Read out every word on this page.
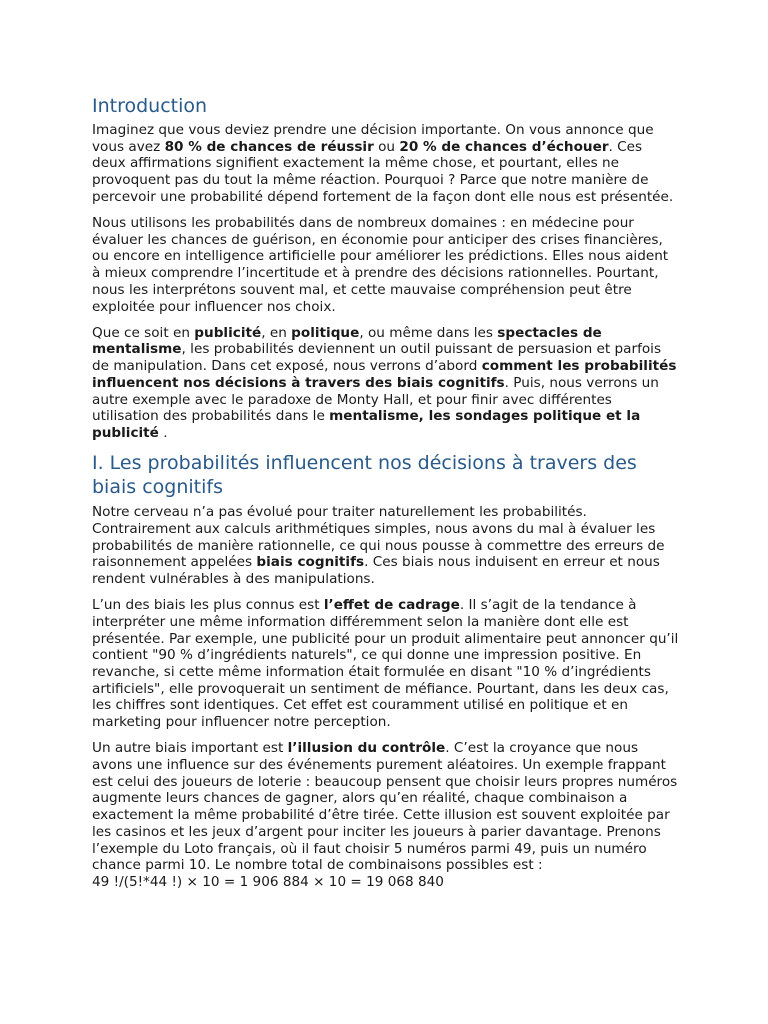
Introduction

Imaginez que vous deviez prendre une décision importante. On vous annonce que vous avez 80 % de chances de réussir ou 20 % de chances d’échouer. Ces deux affirmations signifient exactement la même chose, et pourtant, elles ne provoquent pas du tout la même réaction. Pourquoi ? Parce que notre manière de percevoir une probabilité dépend fortement de la façon dont elle nous est présentée.

Nous utilisons les probabilités dans de nombreux domaines : en médecine pour évaluer les chances de guérison, en économie pour anticiper des crises financières, ou encore en intelligence artificielle pour améliorer les prédictions. Elles nous aident à mieux comprendre l’incertitude et à prendre des décisions rationnelles. Pourtant, nous les interprétons souvent mal, et cette mauvaise compréhension peut être exploitée pour influencer nos choix.

Que ce soit en publicité, en politique, ou même dans les spectacles de mentalisme, les probabilités deviennent un outil puissant de persuasion et parfois de manipulation. Dans cet exposé, nous verrons d’abord comment les probabilités influencent nos décisions à travers des biais cognitifs. Puis, nous verrons un autre exemple avec le paradoxe de Monty Hall, et pour finir avec différentes utilisation des probabilités dans le mentalisme, les sondages politique et la publicité .

I. Les probabilités influencent nos décisions à travers des biais cognitifs

Notre cerveau n’a pas évolué pour traiter naturellement les probabilités. Contrairement aux calculs arithmétiques simples, nous avons du mal à évaluer les probabilités de manière rationnelle, ce qui nous pousse à commettre des erreurs de raisonnement appelées biais cognitifs. Ces biais nous induisent en erreur et nous rendent vulnérables à des manipulations.

L’un des biais les plus connus est l’effet de cadrage. Il s’agit de la tendance à interpréter une même information différemment selon la manière dont elle est présentée. Par exemple, une publicité pour un produit alimentaire peut annoncer qu’il contient "90 % d’ingrédients naturels", ce qui donne une impression positive. En revanche, si cette même information était formulée en disant "10 % d’ingrédients artificiels", elle provoquerait un sentiment de méfiance. Pourtant, dans les deux cas, les chiffres sont identiques. Cet effet est couramment utilisé en politique et en marketing pour influencer notre perception.

Un autre biais important est l’illusion du contrôle. C’est la croyance que nous avons une influence sur des événements purement aléatoires. Un exemple frappant est celui des joueurs de loterie : beaucoup pensent que choisir leurs propres numéros augmente leurs chances de gagner, alors qu’en réalité, chaque combinaison a exactement la même probabilité d’être tirée. Cette illusion est souvent exploitée par les casinos et les jeux d’argent pour inciter les joueurs à parier davantage. Prenons l’exemple du Loto français, où il faut choisir 5 numéros parmi 49, puis un numéro chance parmi 10. Le nombre total de combinaisons possibles est :

49 !/(5!*44 !) × 10 = 1 906 884 × 10 = 19 068 840
